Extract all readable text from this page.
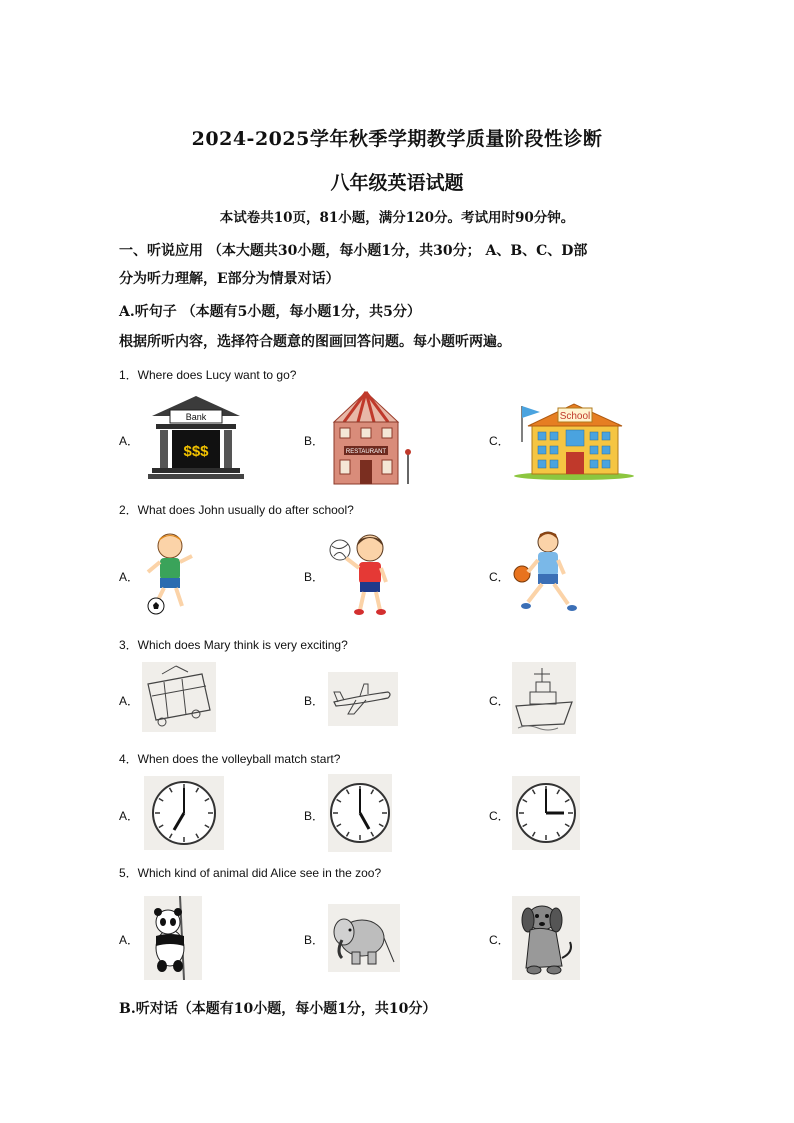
2024-2025学年秋季学期教学质量阶段性诊断
八年级英语试题
本试卷共10页，81小题，满分120分。考试用时90分钟。
一、听说应用 （本大题共30小题，每小题1分，共30分； A、B、C、D部
分为听力理解，E部分为情景对话）
A.听句子 （本题有5小题，每小题1分，共5分）
根据所听内容，选择符合题意的图画回答问题。每小题听两遍。
1．Where does Lucy want to go?
A．	B．	C．
Bank
$$$	RESTAURANT
School
2．What does John usually do after school?
A．	B．	C．
3．Which does Mary think is very exciting?
A．	B．	C．
4．When does the volleyball match start?
A．	B．	C．
5．Which kind of animal did Alice see in the zoo?
A．	B．	C．
B.听对话（本题有10小题，每小题1分，共10分）
